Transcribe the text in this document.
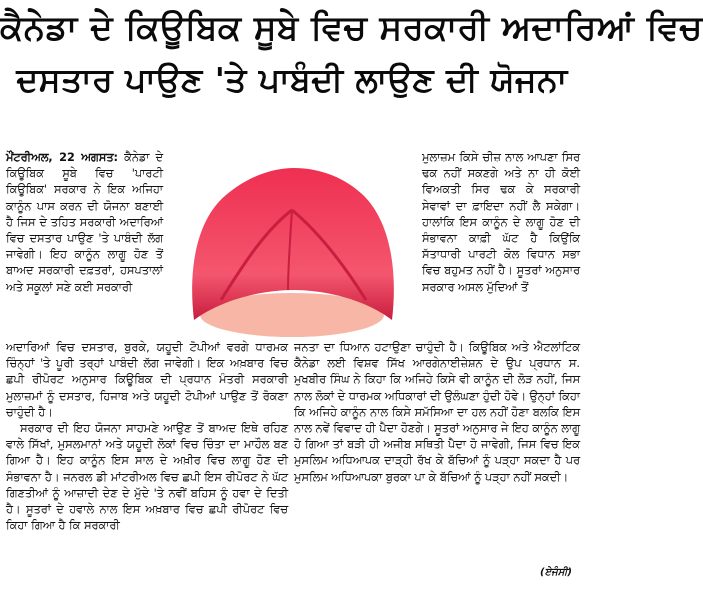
ਕੈਨੇਡਾ ਦੇ ਕਿਊਬਿਕ ਸੂਬੇ ਵਿਚ ਸਰਕਾਰੀ ਅਦਾਰਿਆਂ ਵਿਚ
ਦਸਤਾਰ ਪਾਉਣ 'ਤੇ ਪਾਬੰਦੀ ਲਾਉਣ ਦੀ ਯੋਜਨਾ

ਮੌਂਟਰੀਅਲ, 22 ਅਗਸਤ: ਕੈਨੇਡਾ ਦੇ ਕਿਊਬਿਕ ਸੂਬੇ ਵਿਚ 'ਪਾਰਟੀ ਕਿਊਬਿਕ' ਸਰਕਾਰ ਨੇ ਇਕ ਅਜਿਹਾ ਕਾਨੂੰਨ ਪਾਸ ਕਰਨ ਦੀ ਯੋਜਨਾ ਬਣਾਈ ਹੈ ਜਿਸ ਦੇ ਤਹਿਤ ਸਰਕਾਰੀ ਅਦਾਰਿਆਂ ਵਿਚ ਦਸਤਾਰ ਪਾਉਣ 'ਤੇ ਪਾਬੰਦੀ ਲੱਗ ਜਾਵੇਗੀ। ਇਹ ਕਾਨੂੰਨ ਲਾਗੂ ਹੋਣ ਤੋਂ ਬਾਅਦ ਸਰਕਾਰੀ ਦਫ਼ਤਰਾਂ, ਹਸਪਤਾਲਾਂ ਅਤੇ ਸਕੂਲਾਂ ਸਣੇ ਕਈ ਸਰਕਾਰੀ

ਮੁਲਾਜ਼ਮ ਕਿਸੇ ਚੀਜ਼ ਨਾਲ ਆਪਣਾ ਸਿਰ ਢਕ ਨਹੀਂ ਸਕਣਗੇ ਅਤੇ ਨਾ ਹੀ ਕੋਈ ਵਿਅਕਤੀ ਸਿਰ ਢਕ ਕੇ ਸਰਕਾਰੀ ਸੇਵਾਵਾਂ ਦਾ ਫ਼ਾਇਦਾ ਨਹੀਂ ਲੈ ਸਕੇਗਾ। ਹਾਲਾਂਕਿ ਇਸ ਕਾਨੂੰਨ ਦੇ ਲਾਗੂ ਹੋਣ ਦੀ ਸੰਭਾਵਨਾ ਕਾਫ਼ੀ ਘੱਟ ਹੈ ਕਿਉਂਕਿ ਸੱਤਾਧਾਰੀ ਪਾਰਟੀ ਕੋਲ ਵਿਧਾਨ ਸਭਾ ਵਿਚ ਬਹੁਮਤ ਨਹੀਂ ਹੈ। ਸੂਤਰਾਂ ਅਨੁਸਾਰ ਸਰਕਾਰ ਅਸਲ ਮੁੱਦਿਆਂ ਤੋਂ

ਅਦਾਰਿਆਂ ਵਿਚ ਦਸਤਾਰ, ਬੁਰਕੇ, ਯਹੂਦੀ ਟੋਪੀਆਂ ਵਰਗੇ ਧਾਰਮਕ ਚਿੰਨ੍ਹਾਂ 'ਤੇ ਪੂਰੀ ਤਰ੍ਹਾਂ ਪਾਬੰਦੀ ਲੱਗ ਜਾਵੇਗੀ। ਇਕ ਅਖ਼ਬਾਰ ਵਿਚ ਛਪੀ ਰੀਪੋਰਟ ਅਨੁਸਾਰ ਕਿਊਬਿਕ ਦੀ ਪ੍ਰਧਾਨ ਮੰਤਰੀ ਸਰਕਾਰੀ ਮੁਲਾਜ਼ਮਾਂ ਨੂੰ ਦਸਤਾਰ, ਹਿਜਾਬ ਅਤੇ ਯਹੂਦੀ ਟੋਪੀਆਂ ਪਾਉਣ ਤੋਂ ਰੋਕਣਾ ਚਾਹੁੰਦੀ ਹੈ।

ਸਰਕਾਰ ਦੀ ਇਹ ਯੋਜਨਾ ਸਾਹਮਣੇ ਆਉਣ ਤੋਂ ਬਾਅਦ ਇਥੇ ਰਹਿਣ ਵਾਲੇ ਸਿੱਖਾਂ, ਮੁਸਲਮਾਨਾਂ ਅਤੇ ਯਹੂਦੀ ਲੋਕਾਂ ਵਿਚ ਚਿੰਤਾ ਦਾ ਮਾਹੌਲ ਬਣ ਗਿਆ ਹੈ। ਇਹ ਕਾਨੂੰਨ ਇਸ ਸਾਲ ਦੇ ਅਖ਼ੀਰ ਵਿਚ ਲਾਗੂ ਹੋਣ ਦੀ ਸੰਭਾਵਨਾ ਹੈ। ਜਨਰਲ ਡੀ ਮਾਂਟਰੀਅਲ ਵਿਚ ਛਪੀ ਇਸ ਰੀਪੋਰਟ ਨੇ ਘੱਟ ਗਿਣਤੀਆਂ ਨੂੰ ਆਜ਼ਾਦੀ ਦੇਣ ਦੇ ਮੁੱਦੇ 'ਤੇ ਨਵੀਂ ਬਹਿਸ ਨੂੰ ਹਵਾ ਦੇ ਦਿਤੀ ਹੈ। ਸੂਤਰਾਂ ਦੇ ਹਵਾਲੇ ਨਾਲ ਇਸ ਅਖ਼ਬਾਰ ਵਿਚ ਛਪੀ ਰੀਪੋਰਟ ਵਿਚ ਕਿਹਾ ਗਿਆ ਹੈ ਕਿ ਸਰਕਾਰੀ

ਜਨਤਾ ਦਾ ਧਿਆਨ ਹਟਾਉਣਾ ਚਾਹੁੰਦੀ ਹੈ। ਕਿਊਬਿਕ ਅਤੇ ਐਟਲਾਂਟਿਕ ਕੈਨੇਡਾ ਲਈ ਵਿਸ਼ਵ ਸਿੱਖ ਆਰਗੇਨਾਈਜ਼ੇਸ਼ਨ ਦੇ ਉਪ ਪ੍ਰਧਾਨ ਸ. ਮੁਖਬੀਰ ਸਿੰਘ ਨੇ ਕਿਹਾ ਕਿ ਅਜਿਹੇ ਕਿਸੇ ਵੀ ਕਾਨੂੰਨ ਦੀ ਲੋੜ ਨਹੀਂ, ਜਿਸ ਨਾਲ ਲੋਕਾਂ ਦੇ ਧਾਰਮਕ ਅਧਿਕਾਰਾਂ ਦੀ ਉਲੰਘਣਾ ਹੁੰਦੀ ਹੋਵੇ। ਉਨ੍ਹਾਂ ਕਿਹਾ ਕਿ ਅਜਿਹੇ ਕਾਨੂੰਨ ਨਾਲ ਕਿਸੇ ਸਮੱਸਿਆ ਦਾ ਹਲ ਨਹੀਂ ਹੋਣਾ ਬਲਕਿ ਇਸ ਨਾਲ ਨਵੇਂ ਵਿਵਾਦ ਹੀ ਪੈਦਾ ਹੋਣਗੇ। ਸੂਤਰਾਂ ਅਨੁਸਾਰ ਜੇ ਇਹ ਕਾਨੂੰਨ ਲਾਗੂ ਹੋ ਗਿਆ ਤਾਂ ਬੜੀ ਹੀ ਅਜੀਬ ਸਥਿਤੀ ਪੈਦਾ ਹੋ ਜਾਵੇਗੀ, ਜਿਸ ਵਿਚ ਇਕ ਮੁਸਲਿਮ ਅਧਿਆਪਕ ਦਾੜ੍ਹੀ ਰੱਖ ਕੇ ਬੱਚਿਆਂ ਨੂੰ ਪੜ੍ਹਾ ਸਕਦਾ ਹੈ ਪਰ ਮੁਸਲਿਮ ਅਧਿਆਪਕਾ ਬੁਰਕਾ ਪਾ ਕੇ ਬੱਚਿਆਂ ਨੂੰ ਪੜ੍ਹਾ ਨਹੀਂ ਸਕਦੀ।

(ਏਜੰਸੀ)
